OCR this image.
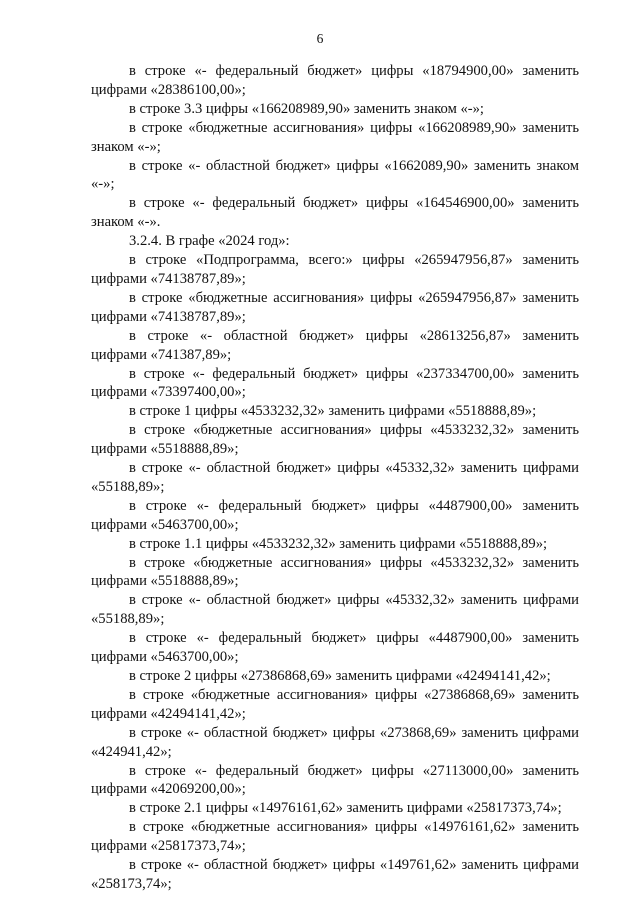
6

в строке «- федеральный бюджет» цифры «18794900,00» заменить цифрами «28386100,00»;

в строке 3.3 цифры «166208989,90» заменить знаком «-»;

в строке «бюджетные ассигнования» цифры «166208989,90» заменить знаком «-»;

в строке «- областной бюджет» цифры «1662089,90» заменить знаком «-»;

в строке «- федеральный бюджет» цифры «164546900,00» заменить знаком «-».

3.2.4. В графе «2024 год»:

в строке «Подпрограмма, всего:» цифры «265947956,87» заменить цифрами «74138787,89»;

в строке «бюджетные ассигнования» цифры «265947956,87» заменить цифрами «74138787,89»;

в строке «- областной бюджет» цифры «28613256,87» заменить цифрами «741387,89»;

в строке «- федеральный бюджет» цифры «237334700,00» заменить цифрами «73397400,00»;

в строке 1 цифры «4533232,32» заменить цифрами «5518888,89»;

в строке «бюджетные ассигнования» цифры «4533232,32» заменить цифрами «5518888,89»;

в строке «- областной бюджет» цифры «45332,32» заменить цифрами «55188,89»;

в строке «- федеральный бюджет» цифры «4487900,00» заменить цифрами «5463700,00»;

в строке 1.1 цифры «4533232,32» заменить цифрами «5518888,89»;

в строке «бюджетные ассигнования» цифры «4533232,32» заменить цифрами «5518888,89»;

в строке «- областной бюджет» цифры «45332,32» заменить цифрами «55188,89»;

в строке «- федеральный бюджет» цифры «4487900,00» заменить цифрами «5463700,00»;

в строке 2 цифры «27386868,69» заменить цифрами «42494141,42»;

в строке «бюджетные ассигнования» цифры «27386868,69» заменить цифрами «42494141,42»;

в строке «- областной бюджет» цифры «273868,69» заменить цифрами «424941,42»;

в строке «- федеральный бюджет» цифры «27113000,00» заменить цифрами «42069200,00»;

в строке 2.1 цифры «14976161,62» заменить цифрами «25817373,74»;

в строке «бюджетные ассигнования» цифры «14976161,62» заменить цифрами «25817373,74»;

в строке «- областной бюджет» цифры «149761,62» заменить цифрами «258173,74»;
